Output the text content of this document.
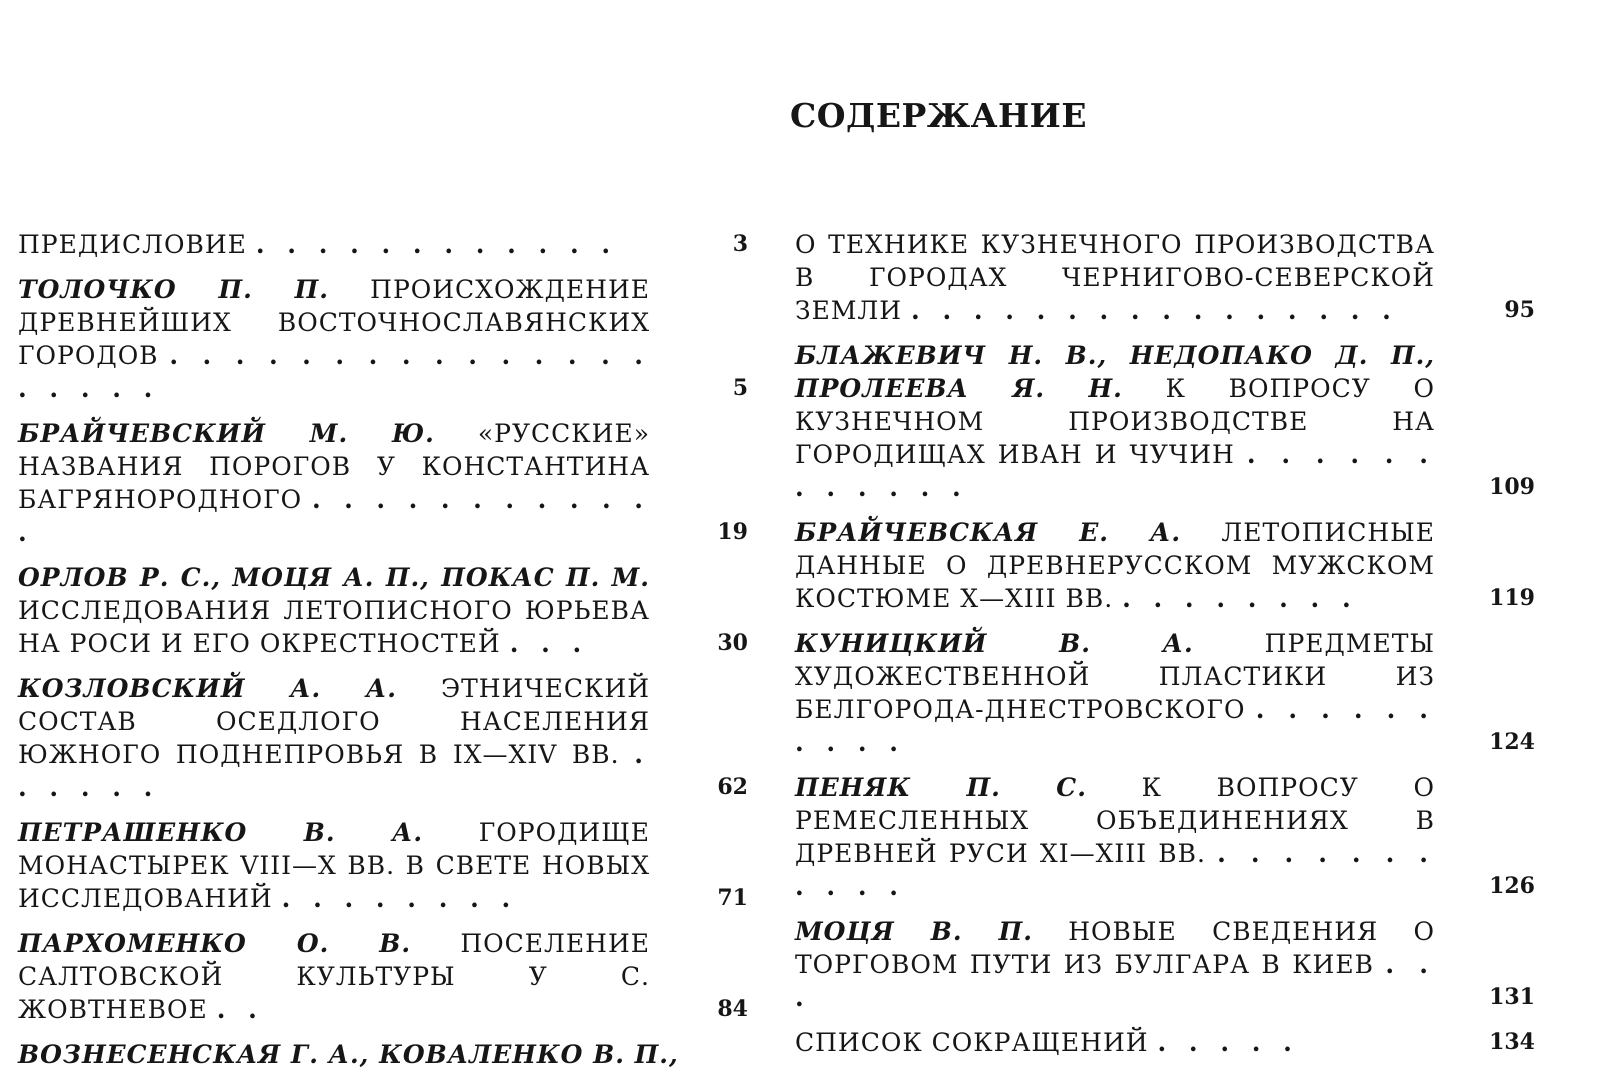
СОДЕРЖАНИЕ
ПРЕДИСЛОВИЕ . . . . . . . . . . . .	3
ТОЛОЧКО П. П. ПРОИСХОЖДЕНИЕ ДРЕВНЕЙШИХ ВОСТОЧНОСЛАВЯНСКИХ ГОРОДОВ . . . . . . . . . . . . . . . . . . . .	5
БРАЙЧЕВСКИЙ М. Ю. «РУССКИЕ» НАЗВАНИЯ ПОРОГОВ У КОНСТАНТИНА БАГРЯНОРОДНОГО . . . . . . . . . . . .	19
ОРЛОВ Р. С., МОЦЯ А. П., ПОКАС П. М. ИССЛЕДОВАНИЯ ЛЕТОПИСНОГО ЮРЬЕВА НА РОСИ И ЕГО ОКРЕСТНОСТЕЙ . . .	30
КОЗЛОВСКИЙ А. А. ЭТНИЧЕСКИЙ СОСТАВ ОСЕДЛОГО НАСЕЛЕНИЯ ЮЖНОГО ПОДНЕПРОВЬЯ В IX—XIV ВВ. . . . . . .	62
ПЕТРАШЕНКО В. А. ГОРОДИЩЕ МОНАСТЫРЕК VIII—X ВВ. В СВЕТЕ НОВЫХ ИССЛЕДОВАНИЙ . . . . . . . .	71
ПАРХОМЕНКО О. В. ПОСЕЛЕНИЕ САЛТОВСКОЙ КУЛЬТУРЫ У С. ЖОВТНЕВОЕ . .	84
ВОЗНЕСЕНСКАЯ Г. А., КОВАЛЕНКО В. П.,
О ТЕХНИКЕ КУЗНЕЧНОГО ПРОИЗВОДСТВА В ГОРОДАХ ЧЕРНИГОВО-СЕВЕРСКОЙ ЗЕМЛИ . . . . . . . . . . . . . . . .	95
БЛАЖЕВИЧ Н. В., НЕДОПАКО Д. П., ПРОЛЕЕВА Я. Н. К ВОПРОСУ О КУЗНЕЧНОМ ПРОИЗВОДСТВЕ НА ГОРОДИЩАХ ИВАН И ЧУЧИН . . . . . . . . . . . .	109
БРАЙЧЕВСКАЯ Е. А. ЛЕТОПИСНЫЕ ДАННЫЕ О ДРЕВНЕРУССКОМ МУЖСКОМ КОСТЮМЕ X—XIII ВВ. . . . . . . . .	119
КУНИЦКИЙ В. А.	ПРЕДМЕТЫ ХУДОЖЕСТВЕННОЙ ПЛАСТИКИ ИЗ БЕЛГОРОДА-ДНЕСТРОВСКОГО . . . . . . . . . .	124
ПЕНЯК П. С. К ВОПРОСУ О РЕМЕСЛЕННЫХ ОБЪЕДИНЕНИЯХ В ДРЕВНЕЙ РУСИ XI—XIII ВВ. . . . . . . . . . . .	126
МОЦЯ В. П. НОВЫЕ СВЕДЕНИЯ О ТОРГОВОМ ПУТИ ИЗ БУЛГАРА В КИЕВ . . .	131
СПИСОК СОКРАЩЕНИЙ . . . . .	134
